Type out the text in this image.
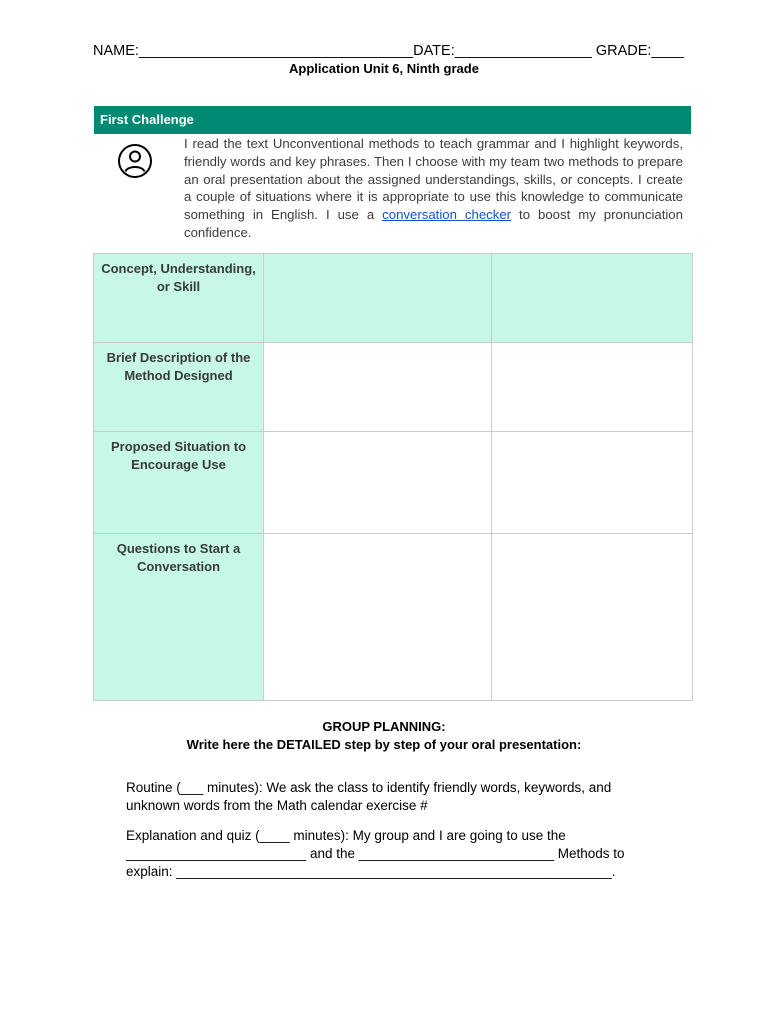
NAME:__________________________________DATE:_________________ GRADE:____
Application Unit 6, Ninth grade
First Challenge
I read the text Unconventional methods to teach grammar and I highlight keywords, friendly words and key phrases. Then I choose with my team two methods to prepare an oral presentation about the assigned understandings, skills, or concepts. I create a couple of situations where it is appropriate to use this knowledge to communicate something in English. I use a conversation checker to boost my pronunciation confidence.
Concept, Understanding, or Skill		
Brief Description of the Method Designed		
Proposed Situation to Encourage Use		
Questions to Start a Conversation		
GROUP PLANNING:
Write here the DETAILED step by step of your oral presentation:
Routine (___ minutes): We ask the class to identify friendly words, keywords, and unknown words from the Math calendar exercise #
Explanation and quiz (____ minutes): My group and I are going to use the ________________________ and the __________________________ Methods to explain: __________________________________________________________.
